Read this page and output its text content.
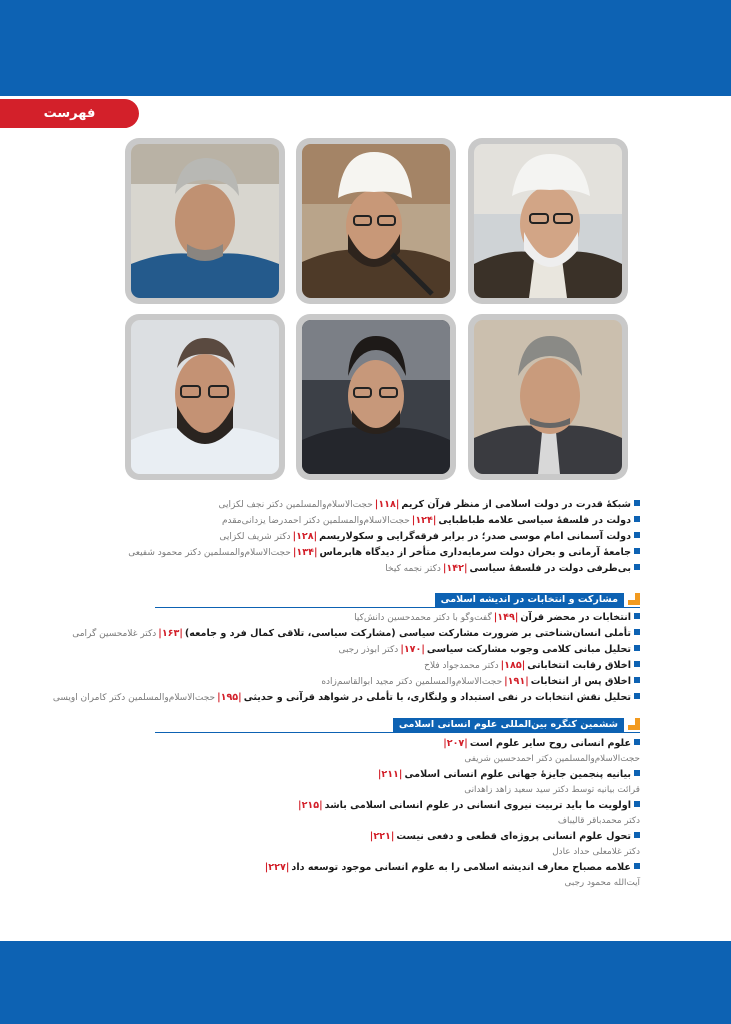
فهرست
شبکۀ قدرت در دولت اسلامی از منظر قرآن کریم|۱۱۸|حجت‌الاسلام‌والمسلمین دکتر نجف لکزایی
دولت در فلسفۀ سیاسی علامه طباطبایی|۱۲۴|حجت‌الاسلام‌والمسلمین دکتر احمدرضا یزدانی‌مقدم
دولت آسمانی امام موسی صدر؛ در برابر فرقه‌گرایی و سکولاریسم|۱۲۸|دکتر شریف لکزایی
جامعۀ آرمانی و بحران دولت سرمایه‌داری متأخر از دیدگاه هابرماس|۱۳۴|حجت‌الاسلام‌والمسلمین دکتر محمود شفیعی
بی‌طرفی دولت در فلسفۀ سیاسی|۱۴۲|دکتر نجمه کیخا
مشارکت و انتخابات در اندیشه اسلامی
انتخابات در محضر قرآن|۱۴۹|گفت‌وگو با دکتر محمدحسین دانش‌کیا
تأملی انسان‌شناختی بر ضرورت مشارکت سیاسی (مشارکت سیاسی، تلاقی کمال فرد و جامعه)|۱۶۳|دکتر غلامحسین گرامی
تحلیل مبانی کلامی وجوب مشارکت سیاسی|۱۷۰|دکتر ابوذر رجبی
اخلاق رقابت انتخاباتی|۱۸۵|دکتر محمدجواد فلاح
اخلاق پس از انتخابات|۱۹۱|حجت‌الاسلام‌والمسلمین دکتر مجید ابوالقاسم‌زاده
تحلیل نقش انتخابات در نفی استبداد و ولنگاری، با تأملی در شواهد قرآنی و حدیثی|۱۹۵|حجت‌الاسلام‌والمسلمین دکتر کامران اویسی
ششمین کنگره بین‌المللی علوم انسانی اسلامی
علوم انسانی روح سایر علوم است|۲۰۷|
حجت‌الاسلام‌والمسلمین دکتر احمدحسین شریفی
بیانیه پنجمین جایزۀ جهانی علوم انسانی اسلامی|۲۱۱|
قرائت بیانیه توسط دکتر سید سعید زاهد زاهدانی
اولویت ما باید تربیت نیروی انسانی در علوم انسانی اسلامی باشد|۲۱۵|
دکتر محمدباقر قالیباف
تحول علوم انسانی پروژه‌ای قطعی و دفعی نیست|۲۲۱|
دکتر غلامعلی حداد عادل
علامه مصباح معارف اندیشه اسلامی را به علوم انسانی موجود توسعه داد|۲۲۷|
آیت‌الله محمود رجبی
